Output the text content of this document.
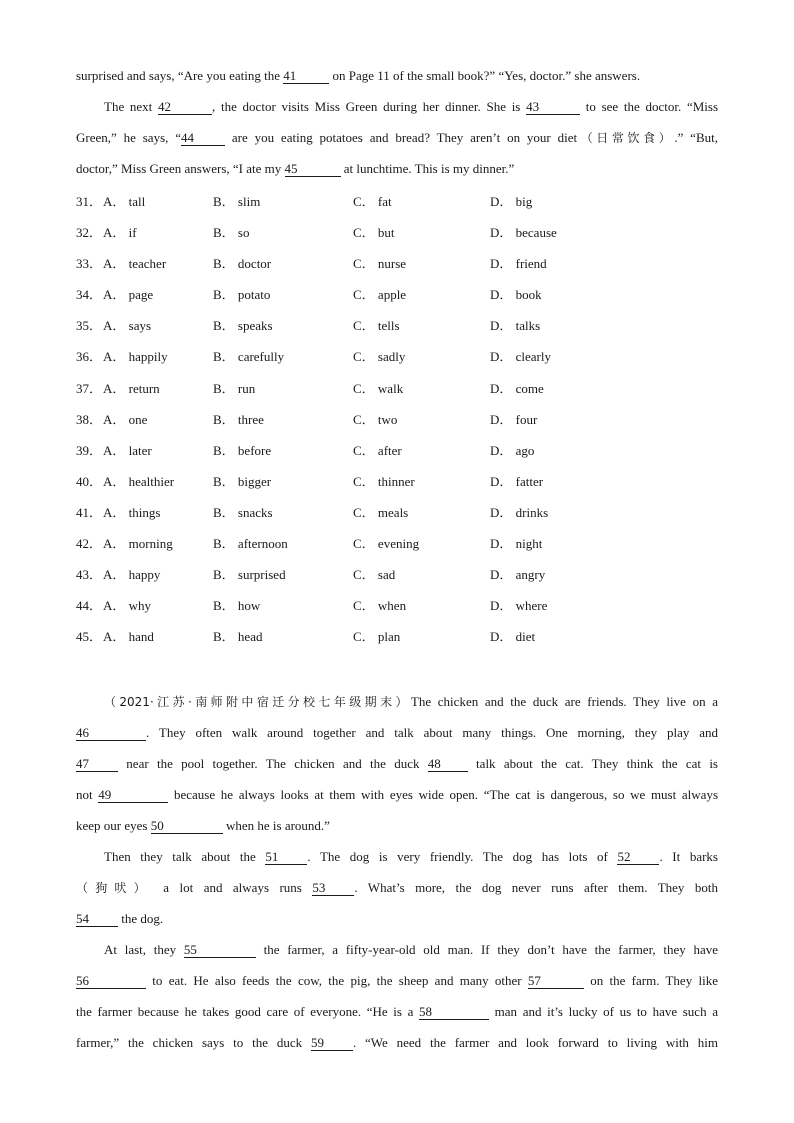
surprised and says, “Are you eating the 41	on Page 11 of the small book?” “Yes, doctor.” she answers.
The next 42	, the doctor visits Miss Green during her dinner. She is 43	to see the doctor. “Miss
Green,” he says, “44 are you eating potatoes and bread? They aren’t on your diet（日常饮食）.” “But,
doctor,” Miss Green answers, “I ate my 45	at lunchtime. This is my dinner.”
31． A． tall	B． slim	C． fat	D． big
32． A． if	B． so	C． but	D． because
33． A． teacher	B． doctor	C． nurse	D． friend
34． A． page	B． potato	C． apple	D． book
35． A． says	B． speaks	C． tells	D． talks
36． A． happily	B． carefully	C． sadly	D． clearly
37． A． return	B． run	C． walk	D． come
38． A． one	B． three	C． two	D． four
39． A． later	B． before	C． after	D． ago
40． A． healthier	B． bigger	C． thinner	D． fatter
41． A． things	B． snacks	C． meals	D． drinks
42． A． morning	B． afternoon	C． evening	D． night
43． A． happy	B． surprised	C． sad	D． angry
44． A． why	B． how	C． when	D． where
45． A． hand	B． head	C． plan	D． diet
（2021·江苏·南师附中宿迁分校七年级期末）The chicken and the duck are friends. They live on a
46	. They often walk around together and talk about many things. One morning, they play and
47 near the pool together. The chicken and the duck 48 talk about the cat. They think the cat is
not 49	because he always looks at them with eyes wide open. “The cat is dangerous, so we must always
keep our eyes 50	when he is around.”
Then they talk about the 51 . The dog is very friendly. The dog has lots of 52 . It barks
（狗吠） a lot and always runs 53 . What’s more, the dog never runs after them. They both
54 the dog.
At last, they 55	the farmer, a fifty-year-old old man. If they don’t have the farmer, they have
56	to eat. He also feeds the cow, the pig, the sheep and many other 57	on the farm. They like
the farmer because he takes good care of everyone. “He is a 58	man and it’s lucky of us to have such a
farmer,” the chicken says to the duck 59 . “We need the farmer and look forward to living with him
